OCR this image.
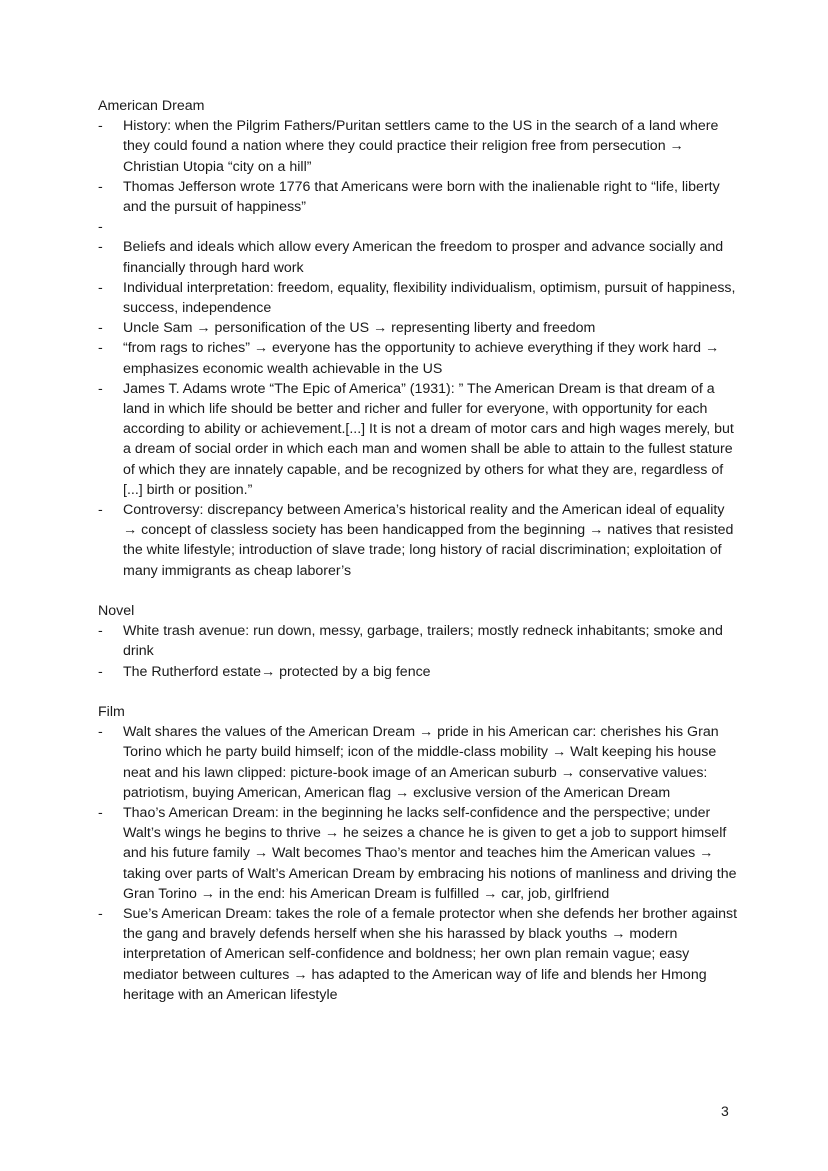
American Dream
-	History: when the Pilgrim Fathers/Puritan settlers came to the US in the search of a land where they could found a nation where they could practice their religion free from persecution → Christian Utopia “city on a hill”
-	Thomas Jefferson wrote 1776 that Americans were born with the inalienable right to “life, liberty and the pursuit of happiness”
-
-	Beliefs and ideals which allow every American the freedom to prosper and advance socially and financially through hard work
-	Individual interpretation: freedom, equality, flexibility individualism, optimism, pursuit of happiness, success, independence
-	Uncle Sam → personification of the US → representing liberty and freedom
-	“from rags to riches” → everyone has the opportunity to achieve everything if they work hard → emphasizes economic wealth achievable in the US
-	James T. Adams wrote “The Epic of America” (1931): ” The American Dream is that dream of a land in which life should be better and richer and fuller for everyone, with opportunity for each according to ability or achievement.[...] It is not a dream of motor cars and high wages merely, but a dream of social order in which each man and women shall be able to attain to the fullest stature of which they are innately capable, and be recognized by others for what they are, regardless of [...] birth or position.”
-	Controversy: discrepancy between America’s historical reality and the American ideal of equality → concept of classless society has been handicapped from the beginning → natives that resisted the white lifestyle; introduction of slave trade; long history of racial discrimination; exploitation of many immigrants as cheap laborer’s
Novel
-	White trash avenue: run down, messy, garbage, trailers; mostly redneck inhabitants; smoke and drink
-	The Rutherford estate→ protected by a big fence
Film
-	Walt shares the values of the American Dream → pride in his American car: cherishes his Gran Torino which he party build himself; icon of the middle-class mobility → Walt keeping his house neat and his lawn clipped: picture-book image of an American suburb → conservative values: patriotism, buying American, American flag → exclusive version of the American Dream
-	Thao’s American Dream: in the beginning he lacks self-confidence and the perspective; under Walt’s wings he begins to thrive → he seizes a chance he is given to get a job to support himself and his future family → Walt becomes Thao’s mentor and teaches him the American values → taking over parts of Walt’s American Dream by embracing his notions of manliness and driving the Gran Torino → in the end: his American Dream is fulfilled → car, job, girlfriend
-	Sue’s American Dream: takes the role of a female protector when she defends her brother against the gang and bravely defends herself when she his harassed by black youths → modern interpretation of American self-confidence and boldness; her own plan remain vague; easy mediator between cultures → has adapted to the American way of life and blends her Hmong heritage with an American lifestyle
3
